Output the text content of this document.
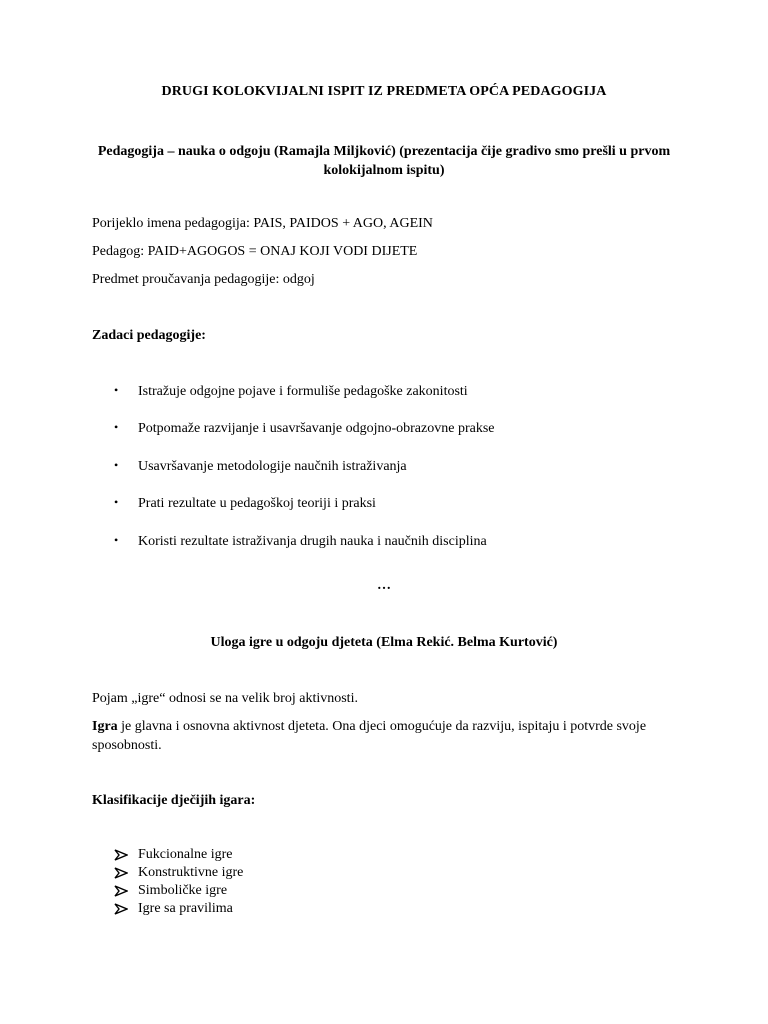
DRUGI KOLOKVIJALNI ISPIT IZ PREDMETA OPĆA PEDAGOGIJA
Pedagogija – nauka o odgoju (Ramajla Miljković) (prezentacija čije gradivo smo prešli u prvom kolokijalnom ispitu)
Porijeklo imena pedagogija: PAIS, PAIDOS + AGO, AGEIN
Pedagog: PAID+AGOGOS = ONAJ KOJI VODI DIJETE
Predmet proučavanja pedagogije: odgoj
Zadaci pedagogije:
• Istražuje odgojne pojave i formuliše pedagoške zakonitosti
• Potpomaže razvijanje i usavršavanje odgojno-obrazovne prakse
• Usavršavanje metodologije naučnih istraživanja
• Prati rezultate u pedagoškoj teoriji i praksi
• Koristi rezultate istraživanja drugih nauka i naučnih disciplina
…
Uloga igre u odgoju djeteta (Elma Rekić. Belma Kurtović)
Pojam „igre“ odnosi se na velik broj aktivnosti.
Igra je glavna i osnovna aktivnost djeteta. Ona djeci omogućuje da razviju, ispitaju i potvrde svoje sposobnosti.
Klasifikacije dječijih igara:
Fukcionalne igre
Konstruktivne igre
Simboličke igre
Igre sa pravilima
